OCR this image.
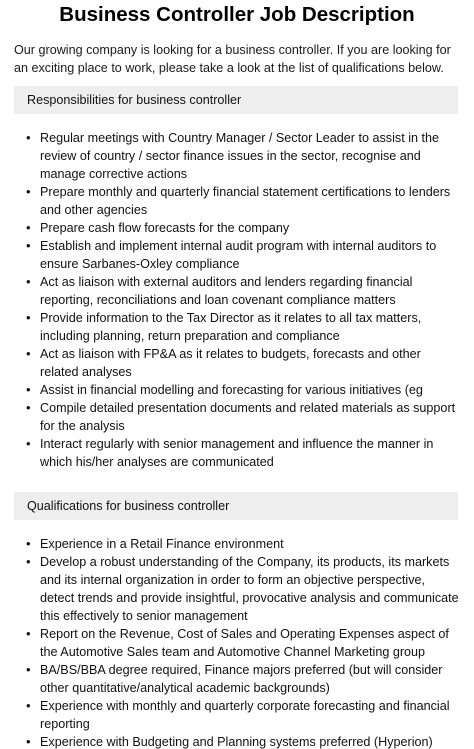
Business Controller Job Description

Our growing company is looking for a business controller. If you are looking for an exciting place to work, please take a look at the list of qualifications below.

Responsibilities for business controller
• Regular meetings with Country Manager / Sector Leader to assist in the review of country / sector finance issues in the sector, recognise and manage corrective actions
• Prepare monthly and quarterly financial statement certifications to lenders and other agencies
• Prepare cash flow forecasts for the company
• Establish and implement internal audit program with internal auditors to ensure Sarbanes-Oxley compliance
• Act as liaison with external auditors and lenders regarding financial reporting, reconciliations and loan covenant compliance matters
• Provide information to the Tax Director as it relates to all tax matters, including planning, return preparation and compliance
• Act as liaison with FP&A as it relates to budgets, forecasts and other related analyses
• Assist in financial modelling and forecasting for various initiatives (eg
• Compile detailed presentation documents and related materials as support for the analysis
• Interact regularly with senior management and influence the manner in which his/her analyses are communicated
Qualifications for business controller
• Experience in a Retail Finance environment
• Develop a robust understanding of the Company, its products, its markets and its internal organization in order to form an objective perspective, detect trends and provide insightful, provocative analysis and communicate this effectively to senior management
• Report on the Revenue, Cost of Sales and Operating Expenses aspect of the Automotive Sales team and Automotive Channel Marketing group
• BA/BS/BBA degree required, Finance majors preferred (but will consider other quantitative/analytical academic backgrounds)
• Experience with monthly and quarterly corporate forecasting and financial reporting
• Experience with Budgeting and Planning systems preferred (Hyperion)
